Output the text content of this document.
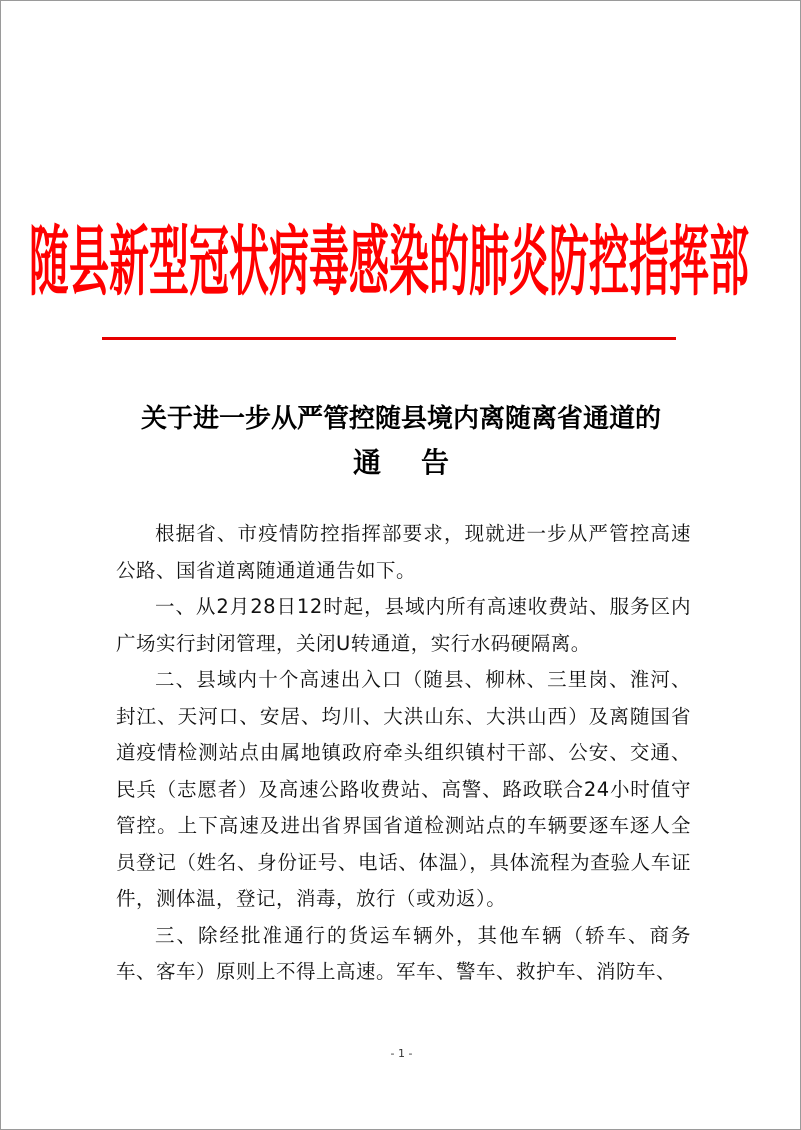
随县新型冠状病毒感染的肺炎防控指挥部
关于进一步从严管控随县境内离随离省通道的
通告

根据省、市疫情防控指挥部要求，现就进一步从严管控高速公路、国省道离随通道通告如下。

一、从2月28日12时起，县域内所有高速收费站、服务区内广场实行封闭管理，关闭U转通道，实行水码硬隔离。

二、县域内十个高速出入口（随县、柳林、三里岗、淮河、封江、天河口、安居、均川、大洪山东、大洪山西）及离随国省道疫情检测站点由属地镇政府牵头组织镇村干部、公安、交通、民兵（志愿者）及高速公路收费站、高警、路政联合24小时值守管控。上下高速及进出省界国省道检测站点的车辆要逐车逐人全员登记（姓名、身份证号、电话、体温），具体流程为查验人车证件，测体温，登记，消毒，放行（或劝返）。

三、除经批准通行的货运车辆外，其他车辆（轿车、商务车、客车）原则上不得上高速。军车、警车、救护车、消防车、

- 1 -
